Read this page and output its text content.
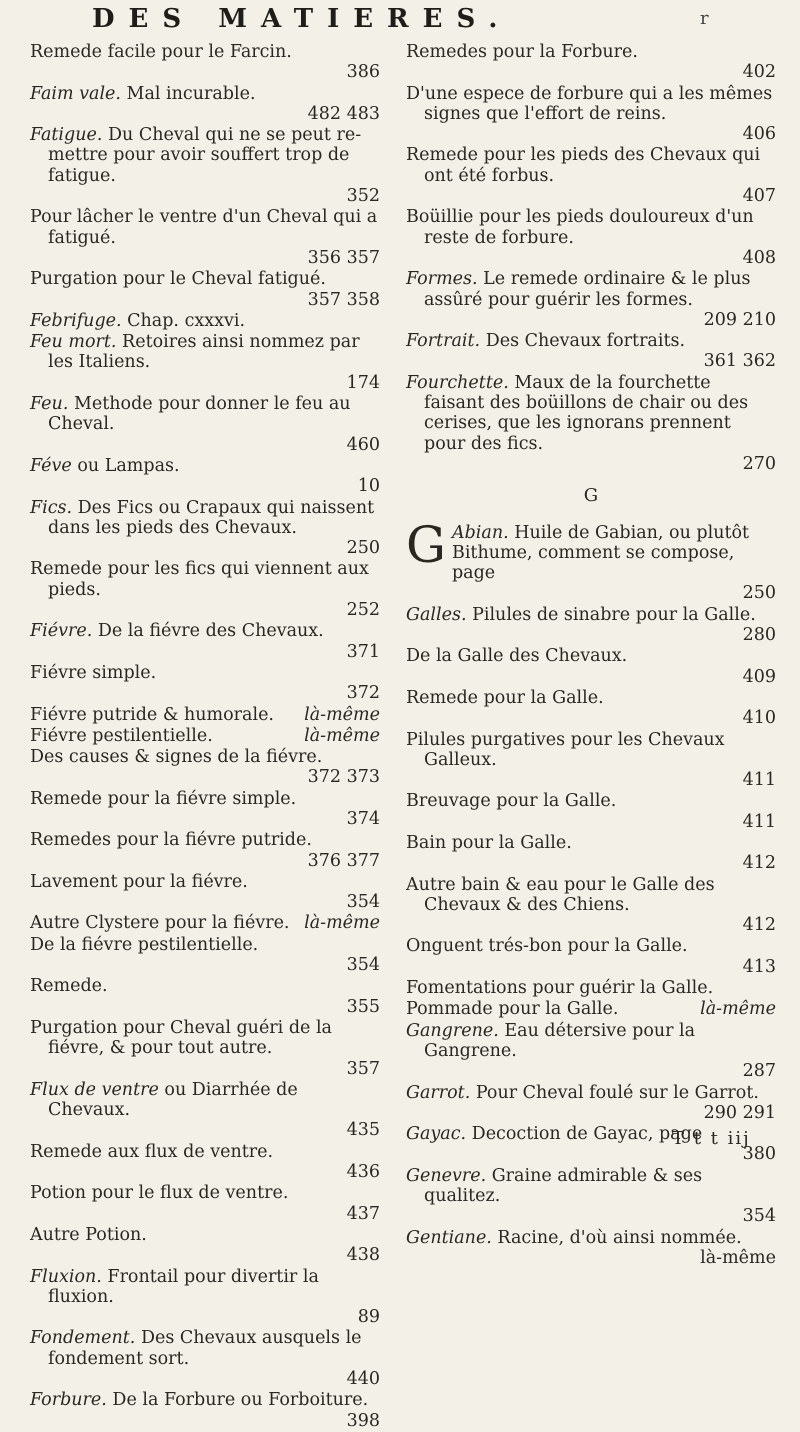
DES MATIERES.	r
Remede facile pour le Farcin.
386
Faim vale. Mal incurable.
482 483
Fatigue. Du Cheval qui ne se peut re-mettre pour avoir souffert trop de fatigue.
352
Pour lâcher le ventre d'un Cheval qui a fatigué.
356 357
Purgation pour le Cheval fatigué.
357 358
Febrifuge. Chap. cxxxvi.
Feu mort. Retoires ainsi nommez par les Italiens.
174
Feu. Methode pour donner le feu au Cheval.
460
Féve ou Lampas.
10
Fics. Des Fics ou Crapaux qui naissent dans les pieds des Chevaux.
250
Remede pour les fics qui viennent aux pieds.
252
Fiévre. De la fiévre des Chevaux.
371
Fiévre simple.
372
Fiévre putride & humorale. là-même
Fiévre pestilentielle.	là-même
Des causes & signes de la fiévre.
372 373
Remede pour la fiévre simple.
374
Remedes pour la fiévre putride.
376 377
Lavement pour la fiévre.
354
Autre Clystere pour la fiévre. là-même
De la fiévre pestilentielle.
354
Remede.
355
Purgation pour Cheval guéri de la fiévre, & pour tout autre.
357
Flux de ventre ou Diarrhée de Chevaux.
435
Remede aux flux de ventre.
436
Potion pour le flux de ventre.
437
Autre Potion.
438
Fluxion. Frontail pour divertir la fluxion.
89
Fondement. Des Chevaux ausquels le fondement sort.
440
Forbure. De la Forbure ou Forboiture.
398
Remedes pour la Forbure.
402
D'une espece de forbure qui a les mêmes signes que l'effort de reins.
406
Remede pour les pieds des Chevaux qui ont été forbus.
407
Boüillie pour les pieds douloureux d'un reste de forbure.
408
Formes. Le remede ordinaire & le plus assûré pour guérir les formes.
209 210
Fortrait. Des Chevaux fortraits.
361 362
Fourchette. Maux de la fourchette faisant des boüillons de chair ou des cerises, que les ignorans prennent pour des fics.
270
G
G Abian. Huile de Gabian, ou plutôt Bithume, comment se compose, page
250
Galles. Pilules de sinabre pour la Galle.
280
De la Galle des Chevaux.
409
Remede pour la Galle.
410
Pilules purgatives pour les Chevaux Galleux.
411
Breuvage pour la Galle.
411
Bain pour la Galle.
412
Autre bain & eau pour le Galle des Chevaux & des Chiens.
412
Onguent trés-bon pour la Galle.
413
Fomentations pour guérir la Galle.
Pommade pour la Galle.	là-même
Gangrene. Eau détersive pour la Gangrene.
287
Garrot. Pour Cheval foulé sur le Garrot.
290 291
Gayac. Decoction de Gayac, page
380
Genevre. Graine admirable & ses qualitez.
354
Gentiane. Racine, d'où ainsi nommée.
là-même
T t t iij
